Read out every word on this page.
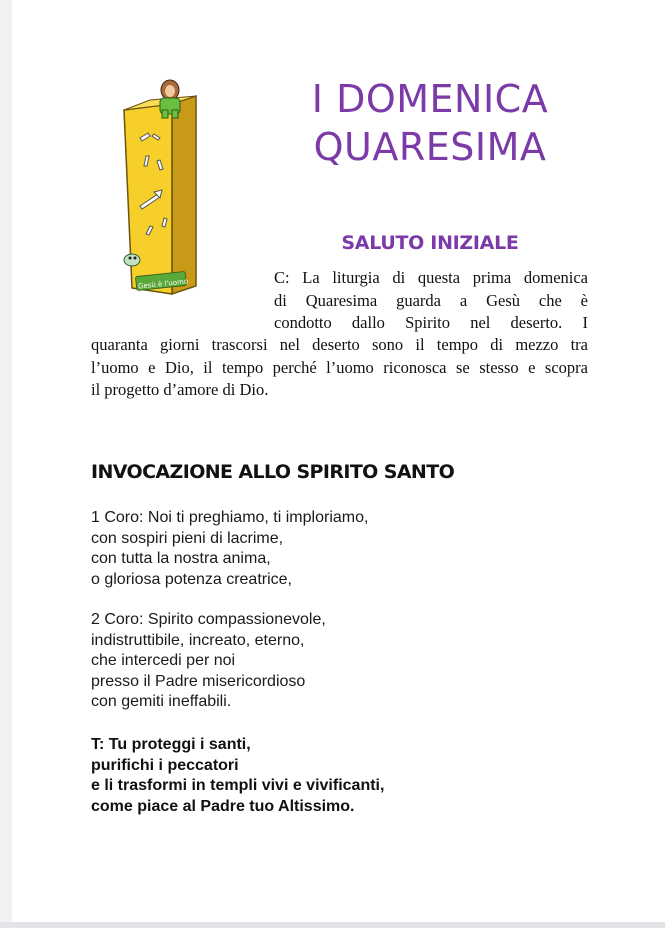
Gesù è l'uomo
I DOMENICA
QUARESIMA
SALUTO INIZIALE
C: La liturgia di questa prima domenica
di Quaresima guarda a Gesù che è
condotto dallo Spirito nel deserto. I
quaranta giorni trascorsi nel deserto sono il tempo di mezzo tra
l’uomo e Dio, il tempo perché l’uomo riconosca se stesso e scopra
il progetto d’amore di Dio.
INVOCAZIONE ALLO SPIRITO SANTO
1 Coro: Noi ti preghiamo, ti imploriamo,
con sospiri pieni di lacrime,
con tutta la nostra anima,
o gloriosa potenza creatrice,
2 Coro: Spirito compassionevole,
indistruttibile, increato, eterno,
che intercedi per noi
presso il Padre misericordioso
con gemiti ineffabili.
T: Tu proteggi i santi,
purifichi i peccatori
e li trasformi in templi vivi e vivificanti,
come piace al Padre tuo Altissimo.
